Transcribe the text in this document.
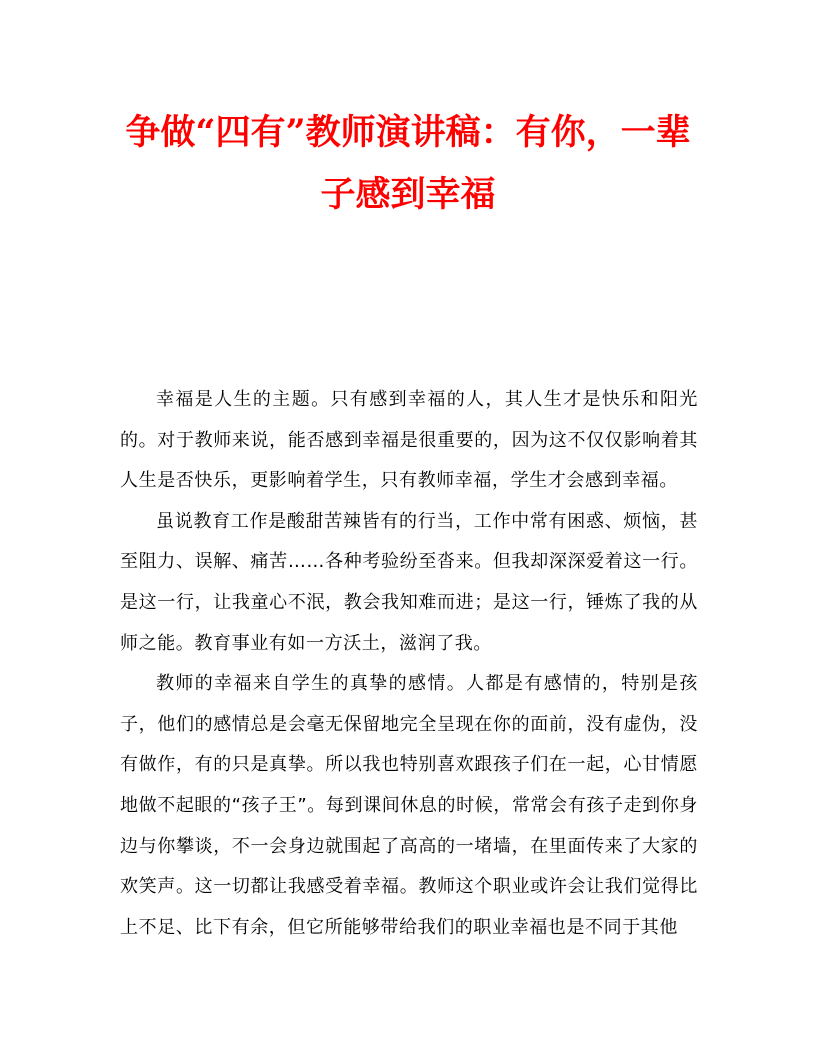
争做“四有”教师演讲稿：有你，一辈子感到幸福

幸福是人生的主题。只有感到幸福的人，其人生才是快乐和阳光的。对于教师来说，能否感到幸福是很重要的，因为这不仅仅影响着其人生是否快乐，更影响着学生，只有教师幸福，学生才会感到幸福。

虽说教育工作是酸甜苦辣皆有的行当，工作中常有困惑、烦恼，甚至阻力、误解、痛苦……各种考验纷至沓来。但我却深深爱着这一行。是这一行，让我童心不泯，教会我知难而进；是这一行，锤炼了我的从师之能。教育事业有如一方沃土，滋润了我。

教师的幸福来自学生的真挚的感情。人都是有感情的，特别是孩子，他们的感情总是会毫无保留地完全呈现在你的面前，没有虚伪，没有做作，有的只是真挚。所以我也特别喜欢跟孩子们在一起，心甘情愿地做不起眼的“孩子王”。每到课间休息的时候，常常会有孩子走到你身边与你攀谈，不一会身边就围起了高高的一堵墙，在里面传来了大家的欢笑声。这一切都让我感受着幸福。教师这个职业或许会让我们觉得比上不足、比下有余，但它所能够带给我们的职业幸福也是不同于其他
